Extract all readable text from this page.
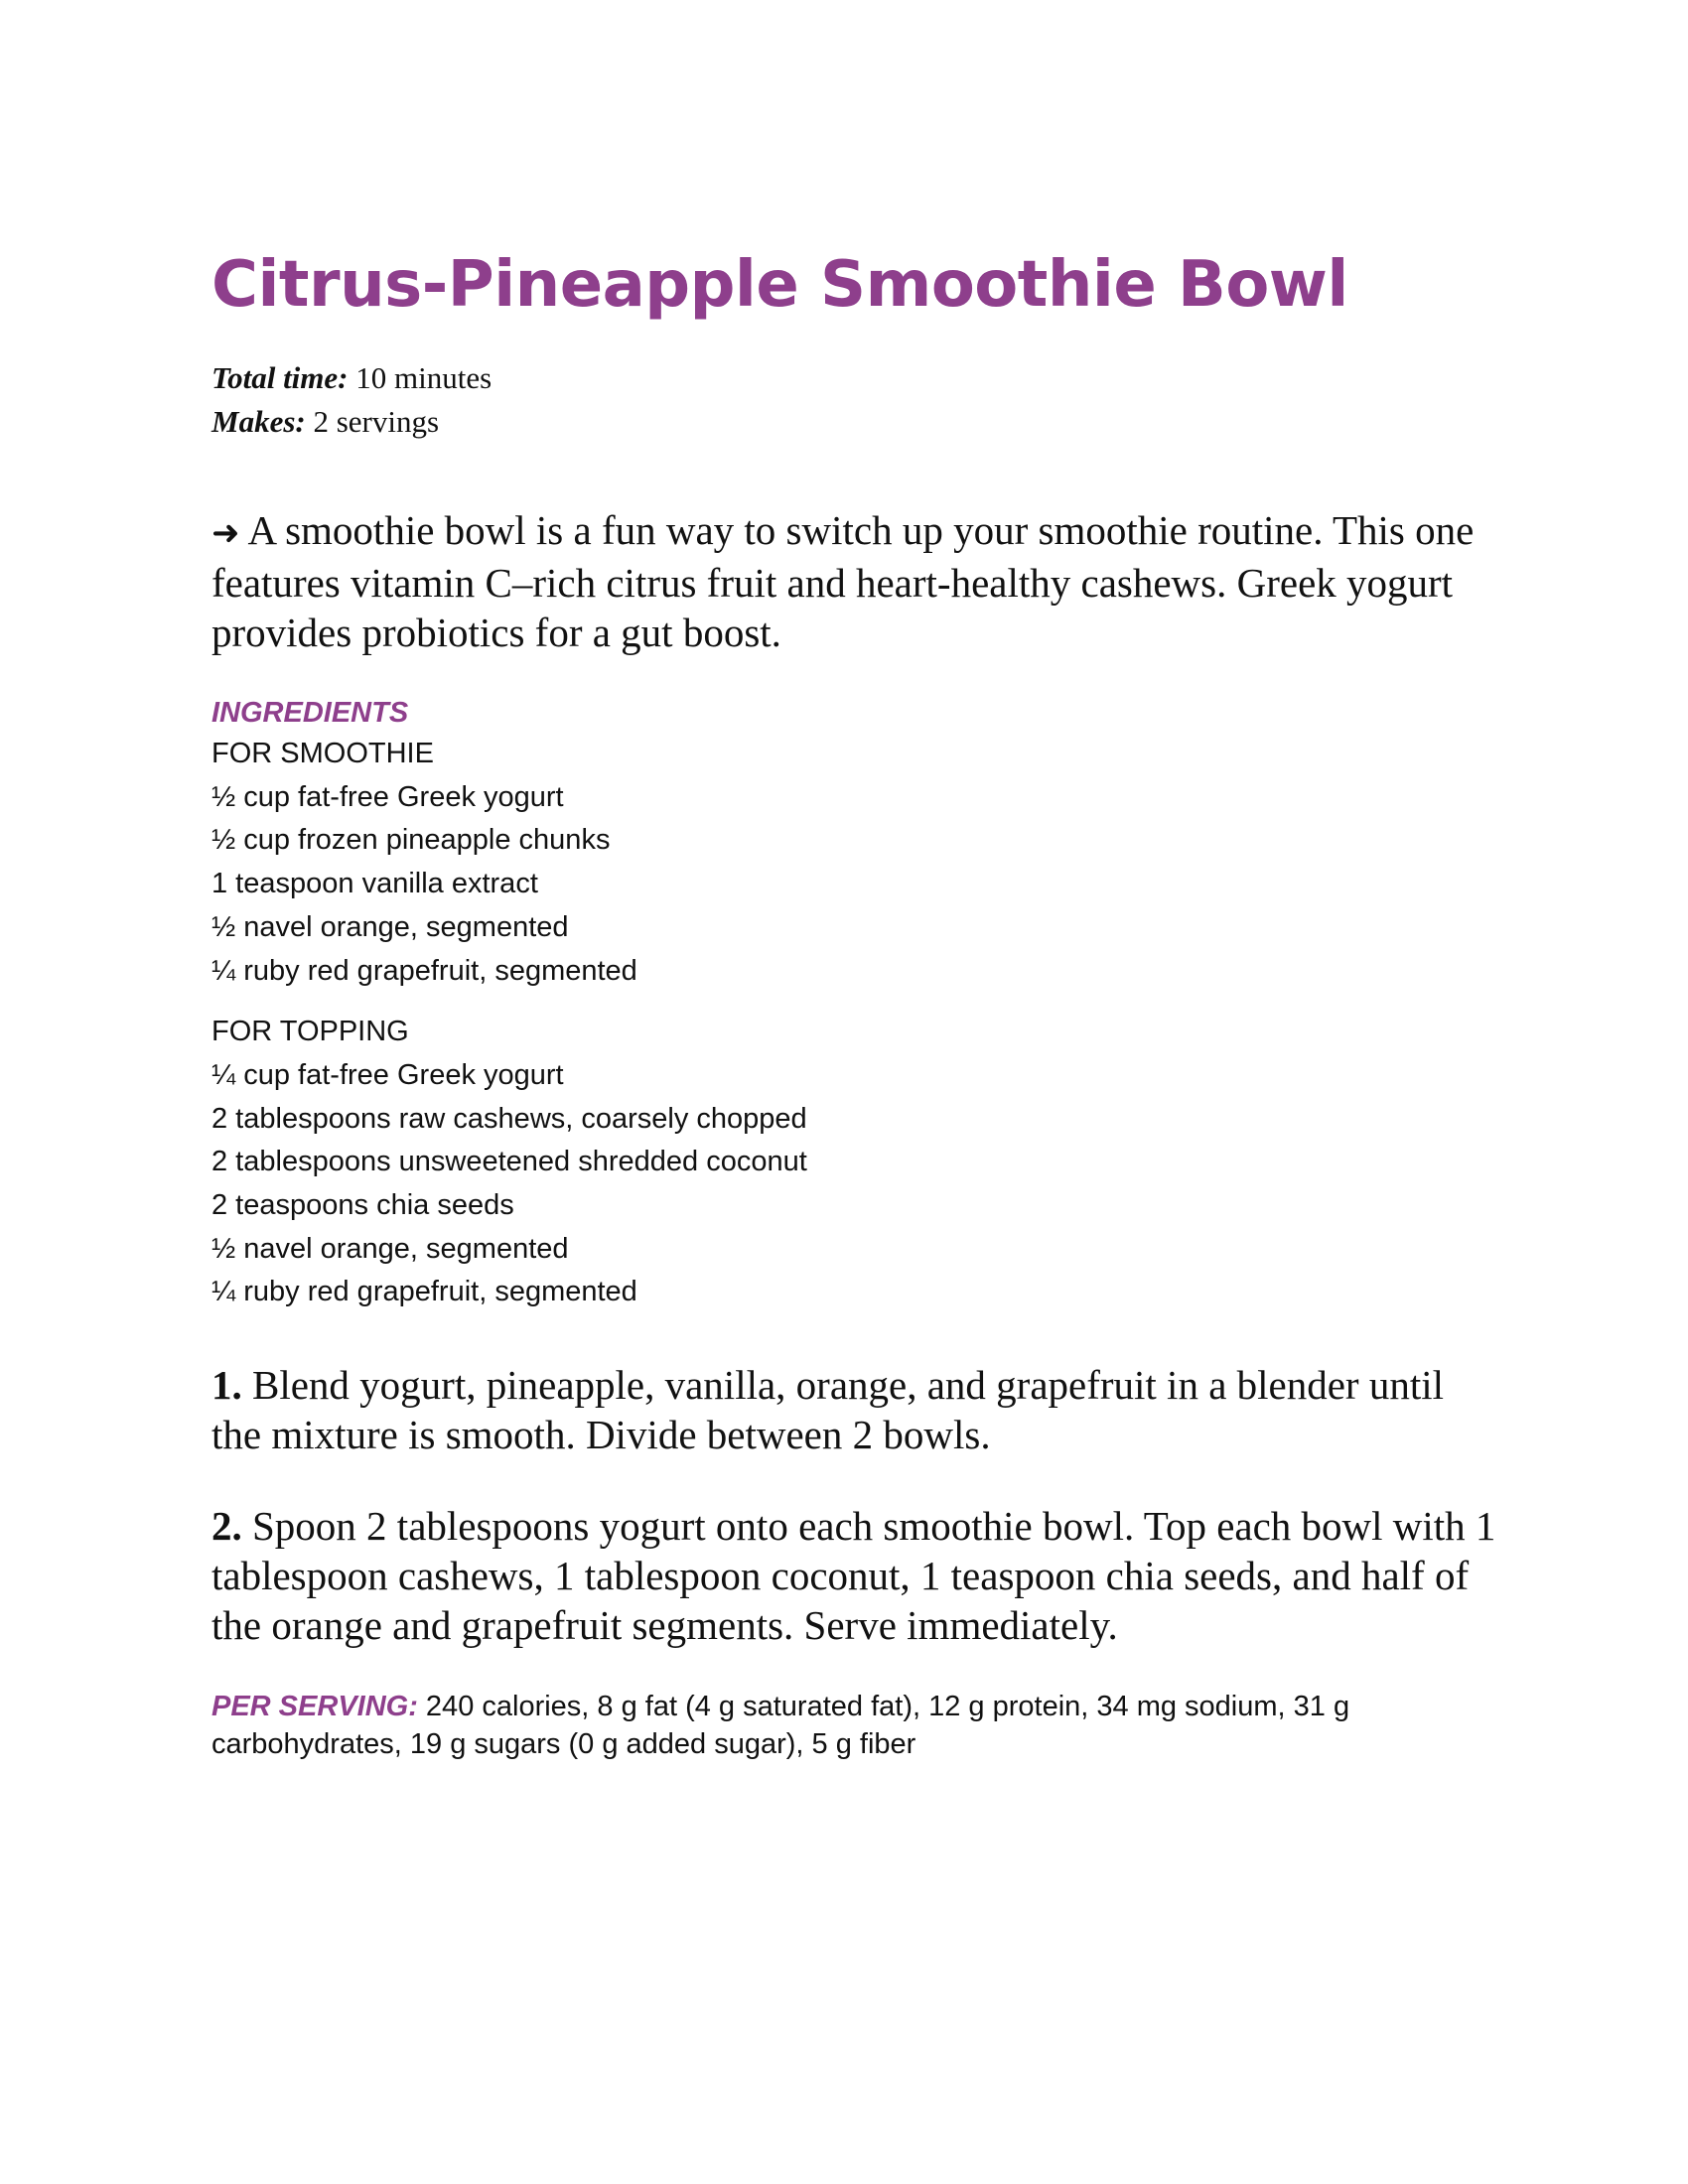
Citrus-Pineapple Smoothie Bowl
Total time: 10 minutes
Makes: 2 servings
➜ A smoothie bowl is a fun way to switch up your smoothie routine. This one features vitamin C–rich citrus fruit and heart-healthy cashews. Greek yogurt provides probiotics for a gut boost.
INGREDIENTS
FOR SMOOTHIE
½ cup fat-free Greek yogurt
½ cup frozen pineapple chunks
1 teaspoon vanilla extract
½ navel orange, segmented
¼ ruby red grapefruit, segmented
FOR TOPPING
¼ cup fat-free Greek yogurt
2 tablespoons raw cashews, coarsely chopped
2 tablespoons unsweetened shredded coconut
2 teaspoons chia seeds
½ navel orange, segmented
¼ ruby red grapefruit, segmented
1. Blend yogurt, pineapple, vanilla, orange, and grapefruit in a blender until the mixture is smooth. Divide between 2 bowls.
2. Spoon 2 tablespoons yogurt onto each smoothie bowl. Top each bowl with 1 tablespoon cashews, 1 tablespoon coconut, 1 teaspoon chia seeds, and half of the orange and grapefruit segments. Serve immediately.
PER SERVING: 240 calories, 8 g fat (4 g saturated fat), 12 g protein, 34 mg sodium, 31 g carbohydrates, 19 g sugars (0 g added sugar), 5 g fiber
